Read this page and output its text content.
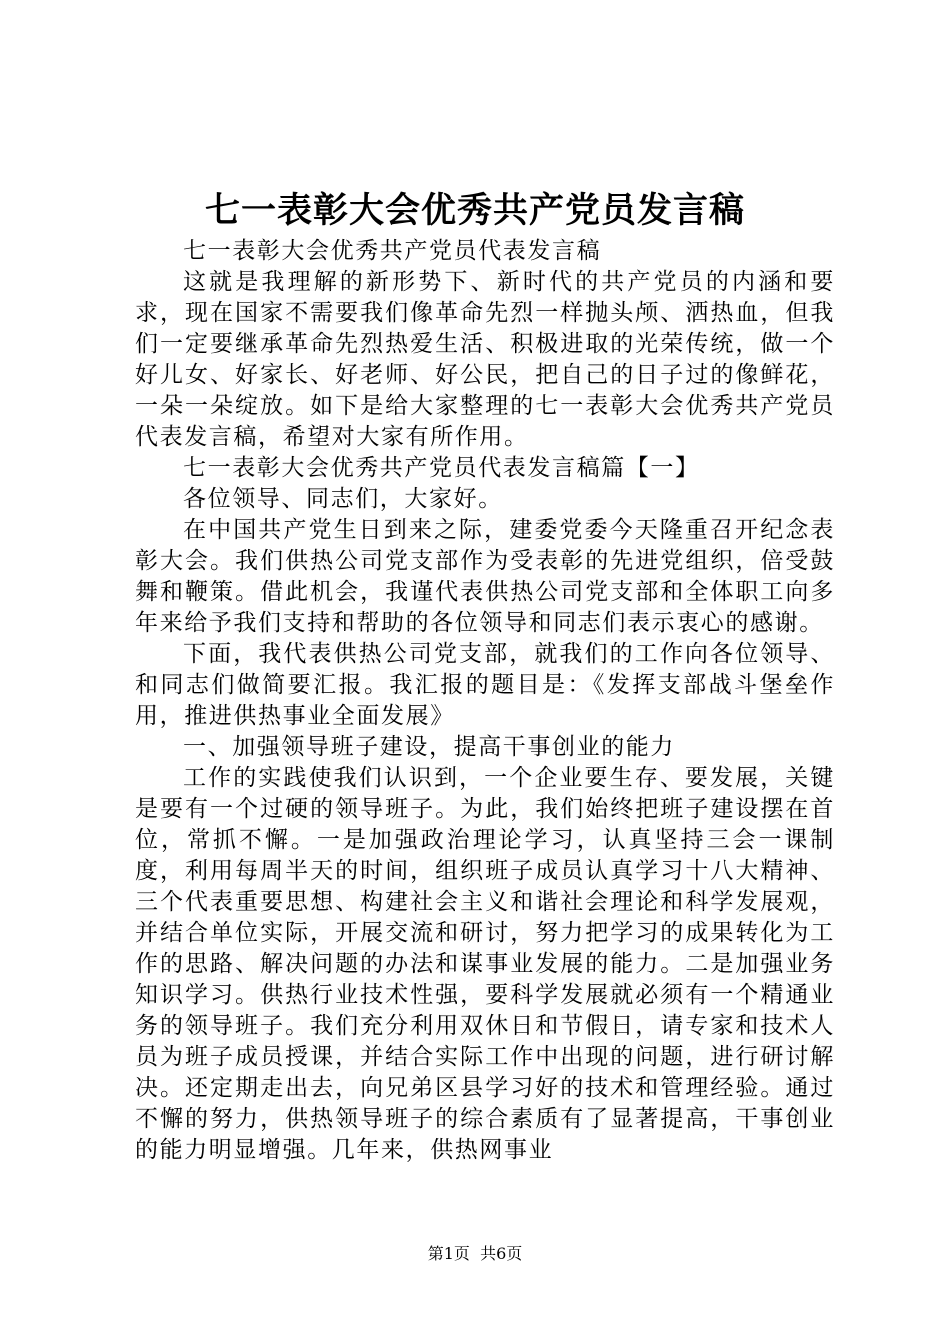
七一表彰大会优秀共产党员发言稿

七一表彰大会优秀共产党员代表发言稿

这就是我理解的新形势下、新时代的共产党员的内涵和要求，现在国家不需要我们像革命先烈一样抛头颅、洒热血，但我们一定要继承革命先烈热爱生活、积极进取的光荣传统，做一个好儿女、好家长、好老师、好公民，把自己的日子过的像鲜花，一朵一朵绽放。如下是给大家整理的七一表彰大会优秀共产党员代表发言稿，希望对大家有所作用。

七一表彰大会优秀共产党员代表发言稿篇【一】

各位领导、同志们，大家好。

在中国共产党生日到来之际，建委党委今天隆重召开纪念表彰大会。我们供热公司党支部作为受表彰的先进党组织，倍受鼓舞和鞭策。借此机会，我谨代表供热公司党支部和全体职工向多年来给予我们支持和帮助的各位领导和同志们表示衷心的感谢。

下面，我代表供热公司党支部，就我们的工作向各位领导、和同志们做简要汇报。我汇报的题目是：《发挥支部战斗堡垒作用，推进供热事业全面发展》

一、加强领导班子建设，提高干事创业的能力

工作的实践使我们认识到，一个企业要生存、要发展，关键是要有一个过硬的领导班子。为此，我们始终把班子建设摆在首位，常抓不懈。一是加强政治理论学习，认真坚持三会一课制度，利用每周半天的时间，组织班子成员认真学习十八大精神、三个代表重要思想、构建社会主义和谐社会理论和科学发展观，并结合单位实际，开展交流和研讨，努力把学习的成果转化为工作的思路、解决问题的办法和谋事业发展的能力。二是加强业务知识学习。供热行业技术性强，要科学发展就必须有一个精通业务的领导班子。我们充分利用双休日和节假日，请专家和技术人员为班子成员授课，并结合实际工作中出现的问题，进行研讨解决。还定期走出去，向兄弟区县学习好的技术和管理经验。通过不懈的努力，供热领导班子的综合素质有了显著提高，干事创业的能力明显增强。几年来，供热网事业

第1页 共6页
